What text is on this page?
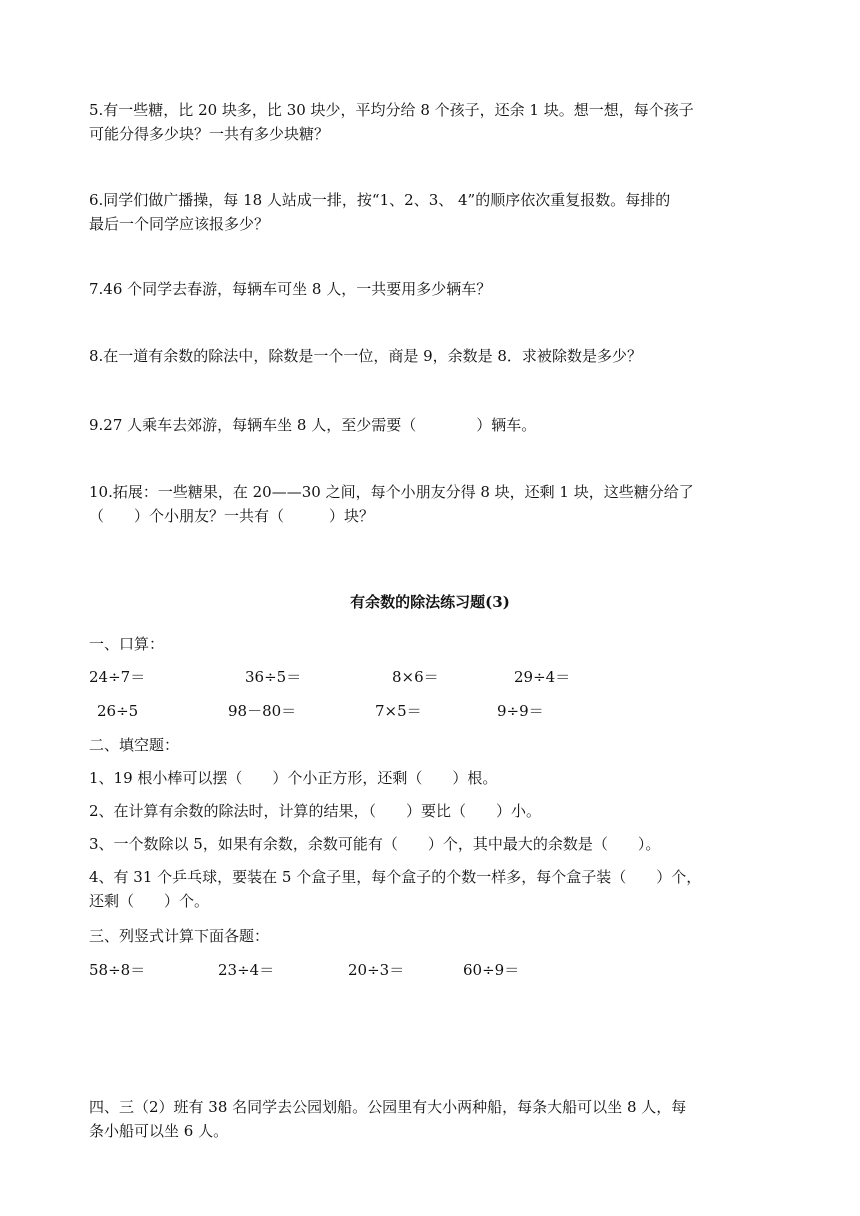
5.有一些糖，比 20 块多，比 30 块少，平均分给 8 个孩子，还余 1 块。想一想，每个孩子
可能分得多少块？一共有多少块糖？
6.同学们做广播操，每 18 人站成一排，按“1、2、3、 4”的顺序依次重复报数。每排的
最后一个同学应该报多少？
7.46 个同学去春游，每辆车可坐 8 人，一共要用多少辆车？
8.在一道有余数的除法中，除数是一个一位，商是 9，余数是 8．求被除数是多少？
9.27 人乘车去郊游，每辆车坐 8 人，至少需要（　　　　）辆车。
10.拓展：一些糖果，在 20——30 之间，每个小朋友分得 8 块，还剩 1 块，这些糖分给了
（　　）个小朋友？一共有（　　　）块？
有余数的除法练习题(3)
一、口算：
24÷7＝	36÷5＝	8×6＝	29÷4＝
26÷5	98－80＝	7×5＝	9÷9＝
二、填空题：
1、19 根小棒可以摆（　　）个小正方形，还剩（　　）根。
2、在计算有余数的除法时，计算的结果，（　　）要比（　　）小。
3、一个数除以 5，如果有余数，余数可能有（　　）个，其中最大的余数是（　　）。
4、有 31 个乒乓球，要装在 5 个盒子里，每个盒子的个数一样多，每个盒子装（　　）个，
还剩（　　）个。
三、列竖式计算下面各题：
58÷8＝	23÷4＝	20÷3＝	60÷9＝
四、三（2）班有 38 名同学去公园划船。公园里有大小两种船，每条大船可以坐 8 人，每
条小船可以坐 6 人。
